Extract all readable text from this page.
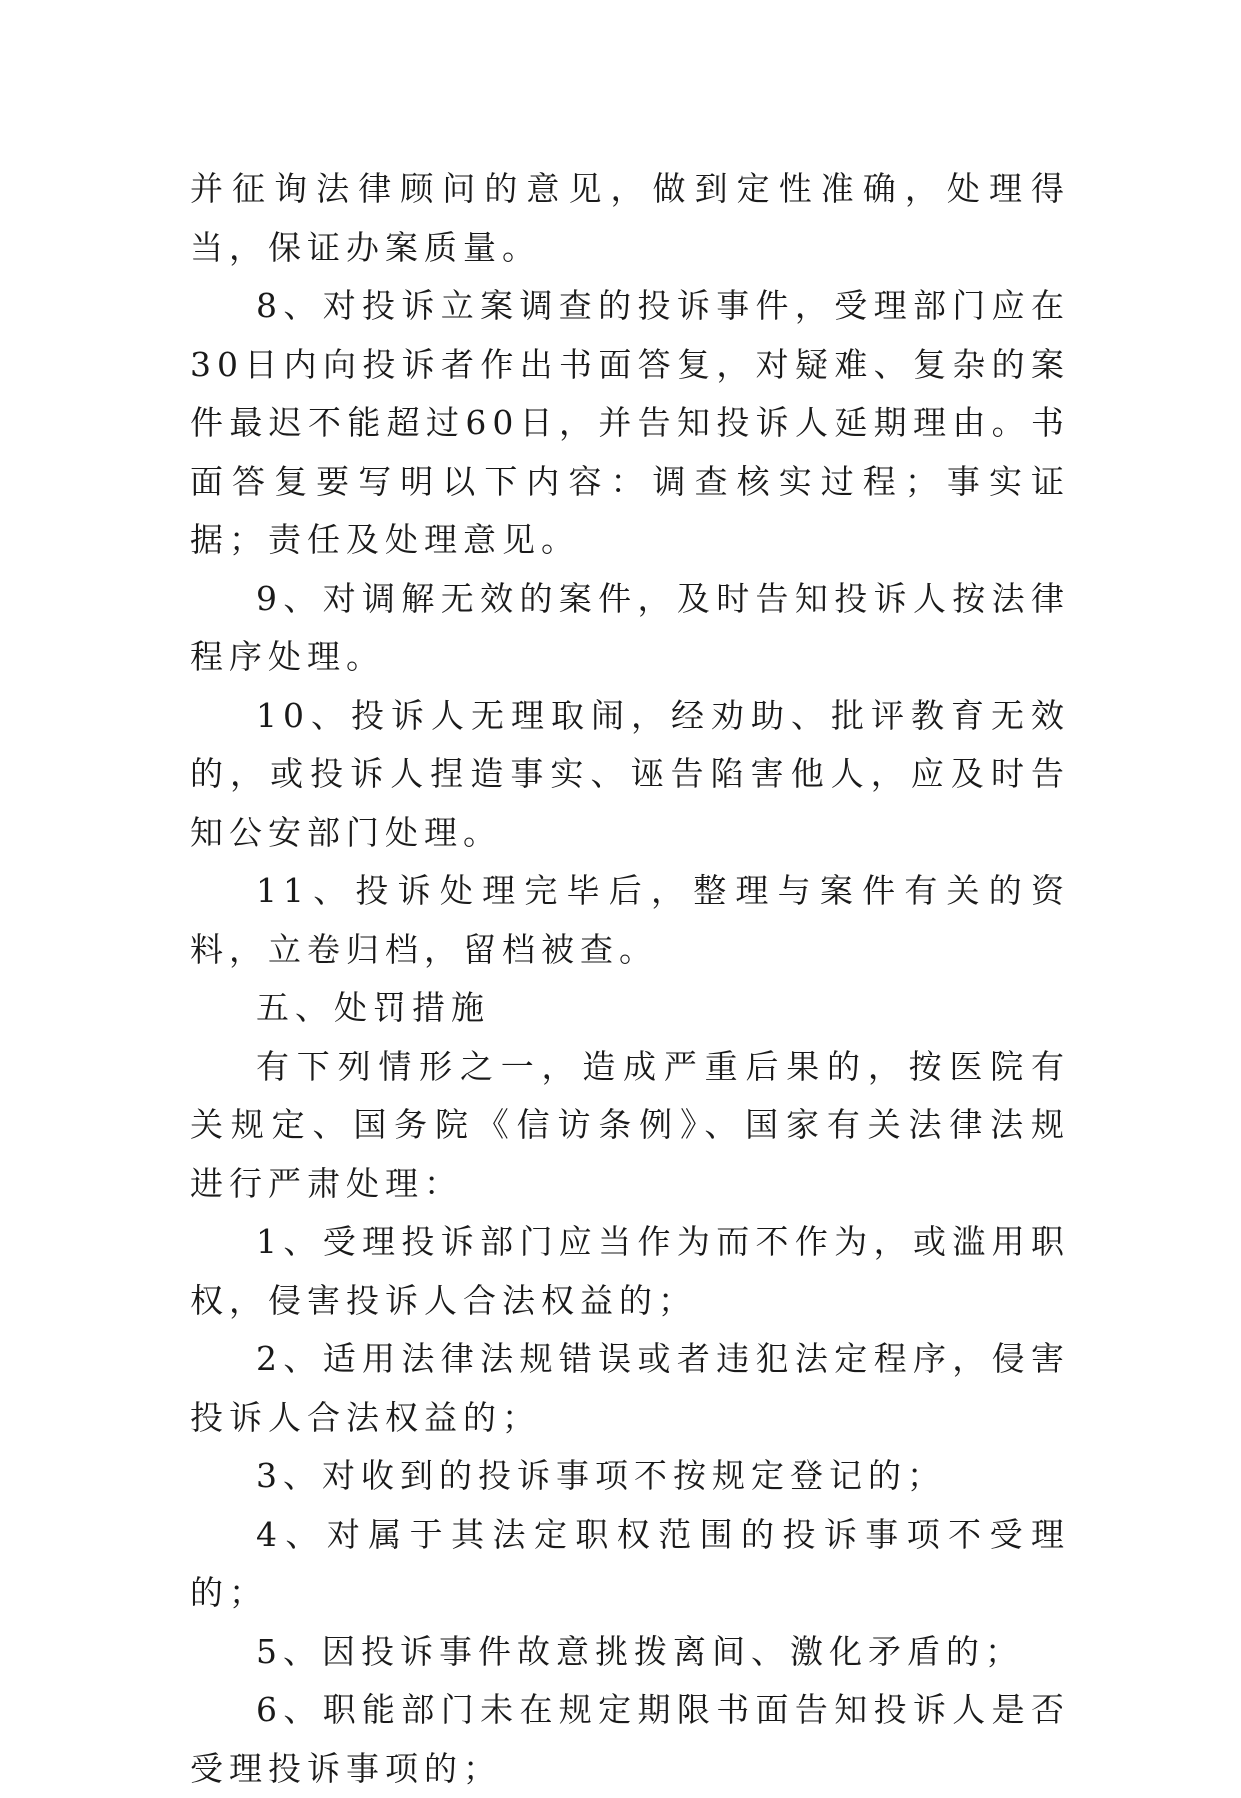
并征询法律顾问的意见，做到定性准确，处理得当，保证办案质量。

8、对投诉立案调查的投诉事件，受理部门应在30日内向投诉者作出书面答复，对疑难、复杂的案件最迟不能超过60日，并告知投诉人延期理由。书面答复要写明以下内容：调查核实过程；事实证据；责任及处理意见。

9、对调解无效的案件，及时告知投诉人按法律程序处理。

10、投诉人无理取闹，经劝助、批评教育无效的，或投诉人捏造事实、诬告陷害他人，应及时告知公安部门处理。

11、投诉处理完毕后，整理与案件有关的资料，立卷归档，留档被查。

五、处罚措施

有下列情形之一，造成严重后果的，按医院有关规定、国务院《信访条例》、国家有关法律法规进行严肃处理：

1、受理投诉部门应当作为而不作为，或滥用职权，侵害投诉人合法权益的；

2、适用法律法规错误或者违犯法定程序，侵害投诉人合法权益的；

3、对收到的投诉事项不按规定登记的；

4、对属于其法定职权范围的投诉事项不受理的；

5、因投诉事件故意挑拨离间、激化矛盾的；

6、职能部门未在规定期限书面告知投诉人是否受理投诉事项的；
